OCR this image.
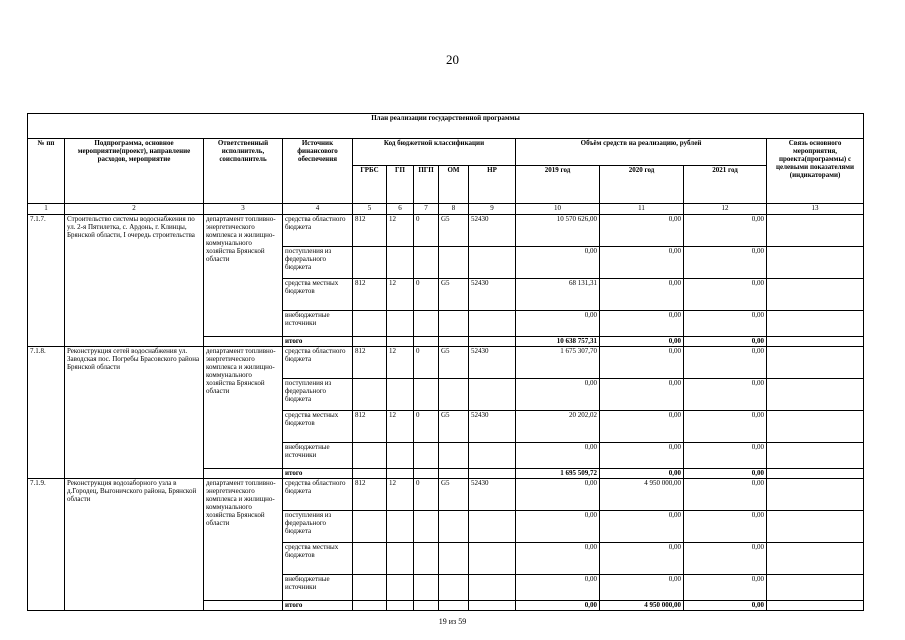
20
План реализации государственной программы												
№ пп	Подпрограмма, основное мероприятие(проект), направление расходов, мероприятие	Ответственный исполнитель, соисполнитель	Источник финансового обеспечения	Код бюджетной классификации					Объём средств на реализацию, рублей			Связь основного мероприятия, проекта(программы) с целевыми показателями (индикаторами)
				ГРБС	ГП	ПГП	ОМ	НР	2019 год	2020 год	2021 год	
1	2	3	4	5	6	7	8	9	10	11	12	13
7.1.7.	Строительство системы водоснабжения по ул. 2-я Пятилетка, с. Ардонь, г. Клинцы, Брянской области, I очередь строительства	департамент топливно-энергетического комплекса и жилищно-коммунального хозяйства Брянской области	средства областного бюджета	812	12	0	G5	52430	10 570 626,00	0,00	0,00	
			поступления из федерального бюджета						0,00	0,00	0,00	
			средства местных бюджетов	812	12	0	G5	52430	68 131,31	0,00	0,00	
			внебюджетные источники						0,00	0,00	0,00	
			итого						10 638 757,31	0,00	0,00	
7.1.8.	Реконструкция сетей водоснабжения ул. Заводская пос. Погребы Брасовского района Брянской области	департамент топливно-энергетического комплекса и жилищно-коммунального хозяйства Брянской области	средства областного бюджета	812	12	0	G5	52430	1 675 307,70	0,00	0,00	
			поступления из федерального бюджета						0,00	0,00	0,00	
			средства местных бюджетов	812	12	0	G5	52430	20 202,02	0,00	0,00	
			внебюджетные источники						0,00	0,00	0,00	
			итого						1 695 509,72	0,00	0,00	
7.1.9.	Реконструкция водозаборного узла в д.Городец, Выгоничского района, Брянской области	департамент топливно-энергетического комплекса и жилищно-коммунального хозяйства Брянской области	средства областного бюджета	812	12	0	G5	52430	0,00	4 950 000,00	0,00	
			поступления из федерального бюджета						0,00	0,00	0,00	
			средства местных бюджетов						0,00	0,00	0,00	
			внебюджетные источники						0,00	0,00	0,00	
			итого						0,00	4 950 000,00	0,00	
19 из 59
